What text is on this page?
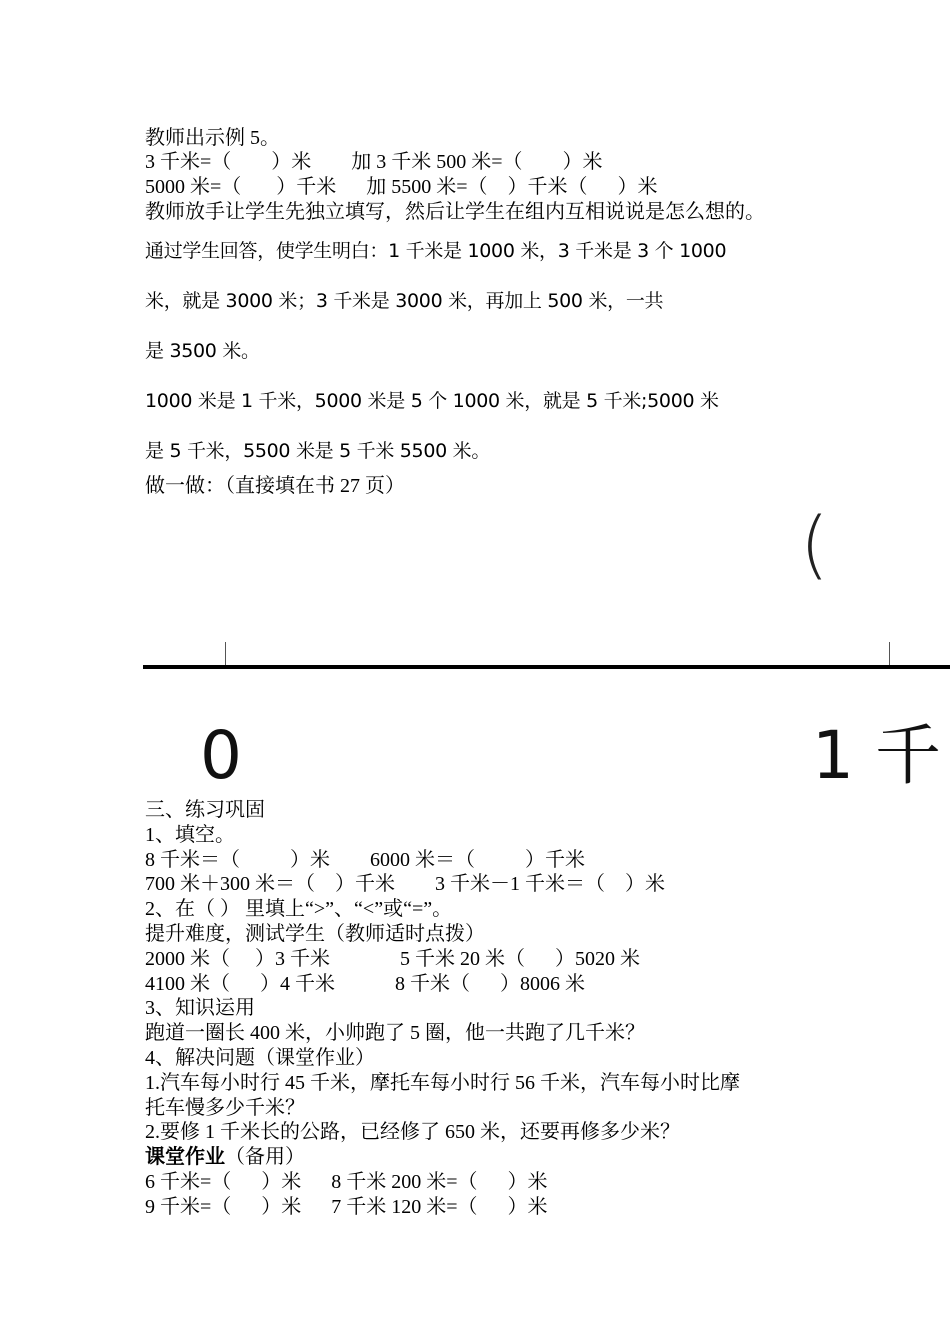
教师出示例 5。
3 千米=（        ）米        加 3 千米 500 米=（        ）米
5000 米=（       ）千米      加 5500 米=（    ）千米（      ）米
教师放手让学生先独立填写，然后让学生在组内互相说说是怎么想的。
通过学生回答，使学生明白：1 千米是 1000 米，3 千米是 3 个 1000
米，就是 3000 米；3 千米是 3000 米，再加上 500 米，一共
是 3500 米。
1000 米是 1 千米，5000 米是 5 个 1000 米，就是 5 千米;5000 米
是 5 千米，5500 米是 5 千米 5500 米。
做一做：（直接填在书 27 页）
(
0	1 千
三、练习巩固
1、填空。
8 千米＝（          ）米        6000 米＝（          ）千米
700 米＋300 米＝（    ）千米        3 千米－1 千米＝（    ）米
2、在（ ） 里填上“>”、“<”或“=”。
提升难度，测试学生（教师适时点拨）
2000 米（     ）3 千米              5 千米 20 米（      ）5020 米
4100 米（      ）4 千米            8 千米（      ）8006 米
3、知识运用
跑道一圈长 400 米，小帅跑了 5 圈，他一共跑了几千米？
4、解决问题（课堂作业）
1.汽车每小时行 45 千米，摩托车每小时行 56 千米，汽车每小时比摩
托车慢多少千米？
2.要修 1 千米长的公路，已经修了 650 米，还要再修多少米？
课堂作业（备用）
6 千米=（      ）米      8 千米 200 米=（      ）米
9 千米=（      ）米      7 千米 120 米=（      ）米
